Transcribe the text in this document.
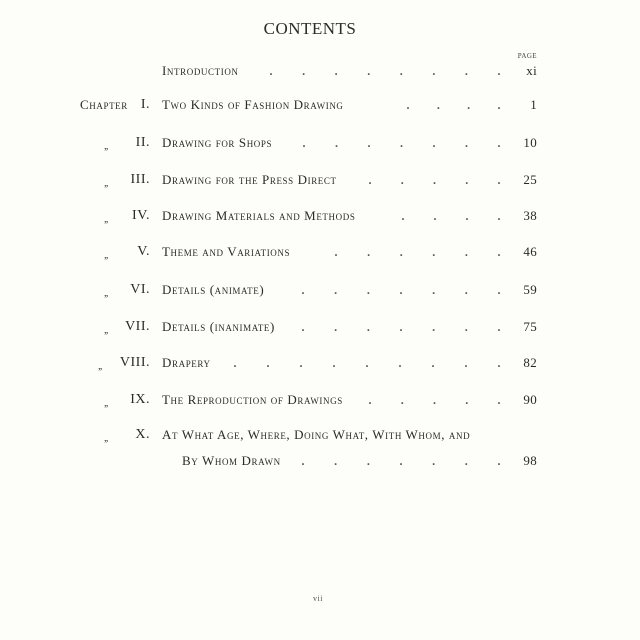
CONTENTS
PAGE
Introduction	. . . . . . . . xi
Chapter I. Two Kinds of Fashion Drawing	. . . . 1
,, II. Drawing for Shops	. . . . . . . 10
,, III. Drawing for the Press Direct	. . . . . 25
,, IV. Drawing Materials and Methods	. . . . 38
,, V. Theme and Variations	. . . . . . 46
,, VI. Details (animate)	. . . . . . . 59
,, VII. Details (inanimate) . . . . . . . 75
,, VIII. Drapery .	.	.	.	.	.	.	.	. 82
,, IX. The Reproduction of Drawings . . . . . 90
,, X. At What Age, Where, Doing What, With Whom, and
By Whom Drawn . . . . . . . 98
vii
